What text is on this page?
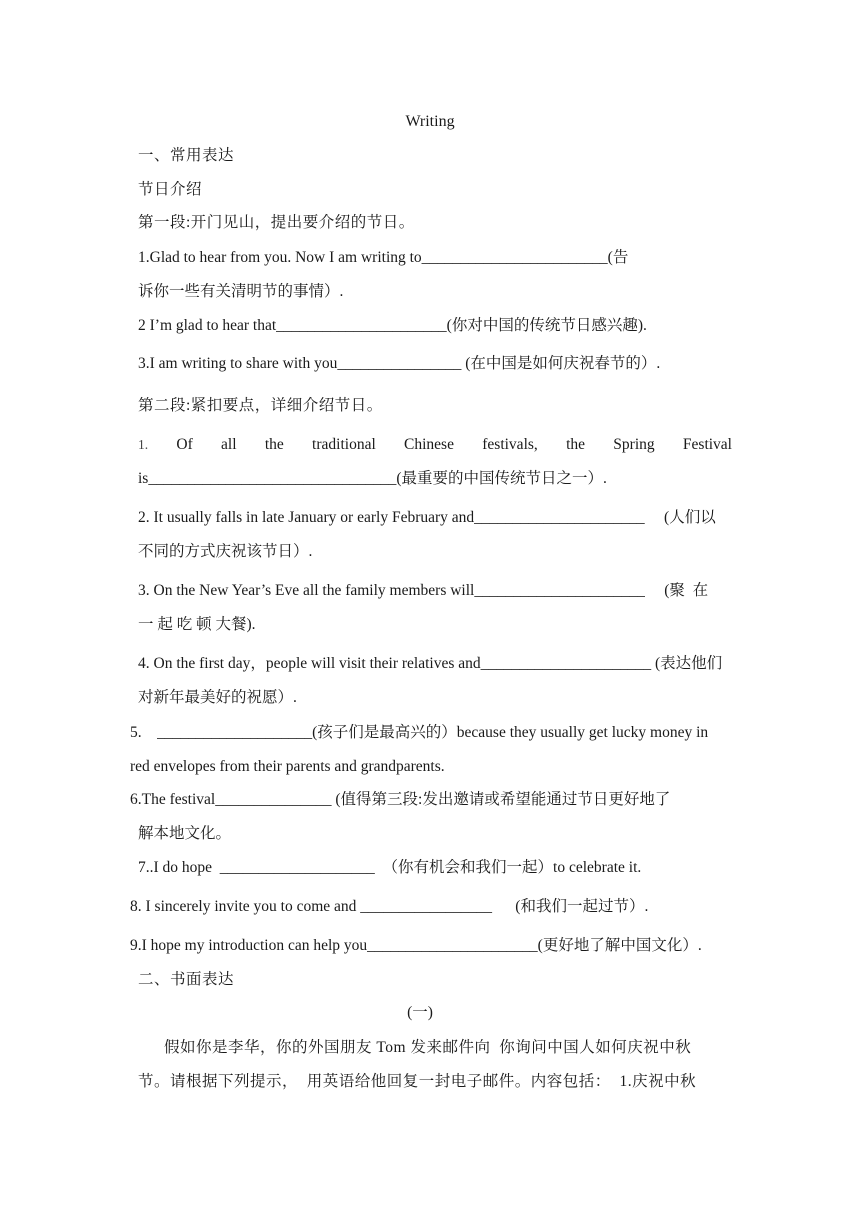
Writing
一、常用表达
节日介绍
第一段:开门见山，提出要介绍的节日。
1.Glad to hear from you. Now I am writing to________________________(告
诉你一些有关清明节的事情）.
2 I’m glad to hear that______________________(你对中国的传统节日感兴趣).
3.I am writing to share with you________________ (在中国是如何庆祝春节的）.
第二段:紧扣要点，详细介绍节日。
1. Of all the traditional Chinese festivals, the Spring Festival
is________________________________(最重要的中国传统节日之一）.
2. It usually falls in late January or early February and______________________     (人们以
不同的方式庆祝该节日）.
3. On the New Year’s Eve all the family members will______________________     (聚  在
一 起 吃 顿 大餐).
4. On the first day，people will visit their relatives and______________________ (表达他们
对新年最美好的祝愿）.
5.    ____________________(孩子们是最高兴的）because they usually get lucky money in
red envelopes from their parents and grandparents.
6.The festival_______________ (值得第三段:发出邀请或希望能通过节日更好地了
解本地文化。
7..I do hope  ____________________  （你有机会和我们一起）to celebrate it.
8. I sincerely invite you to come and _________________      (和我们一起过节）.
9.I hope my introduction can help you______________________(更好地了解中国文化）.
二、书面表达
(一)
假如你是李华，你的外国朋友 Tom 发来邮件向  你询问中国人如何庆祝中秋
节。请根据下列提示，  用英语给他回复一封电子邮件。内容包括：  1.庆祝中秋
